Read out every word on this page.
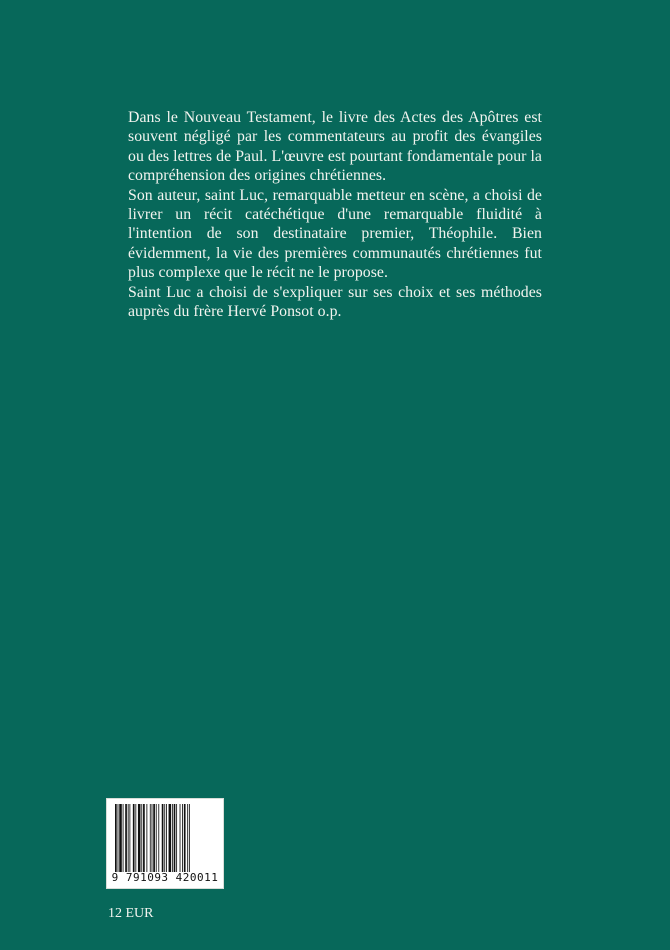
Dans le Nouveau Testament, le livre des Actes des Apôtres est souvent négligé par les commentateurs au profit des évangiles ou des lettres de Paul. L'œuvre est pourtant fondamentale pour la compréhension des origines chrétiennes.

Son auteur, saint Luc, remarquable metteur en scène, a choisi de livrer un récit catéchétique d'une remarquable fluidité à l'intention de son destinataire premier, Théophile. Bien évidemment, la vie des premières communautés chrétiennes fut plus complexe que le récit ne le propose.

Saint Luc a choisi de s'expliquer sur ses choix et ses méthodes auprès du frère Hervé Ponsot o.p.

9 791093 420011
12 EUR
